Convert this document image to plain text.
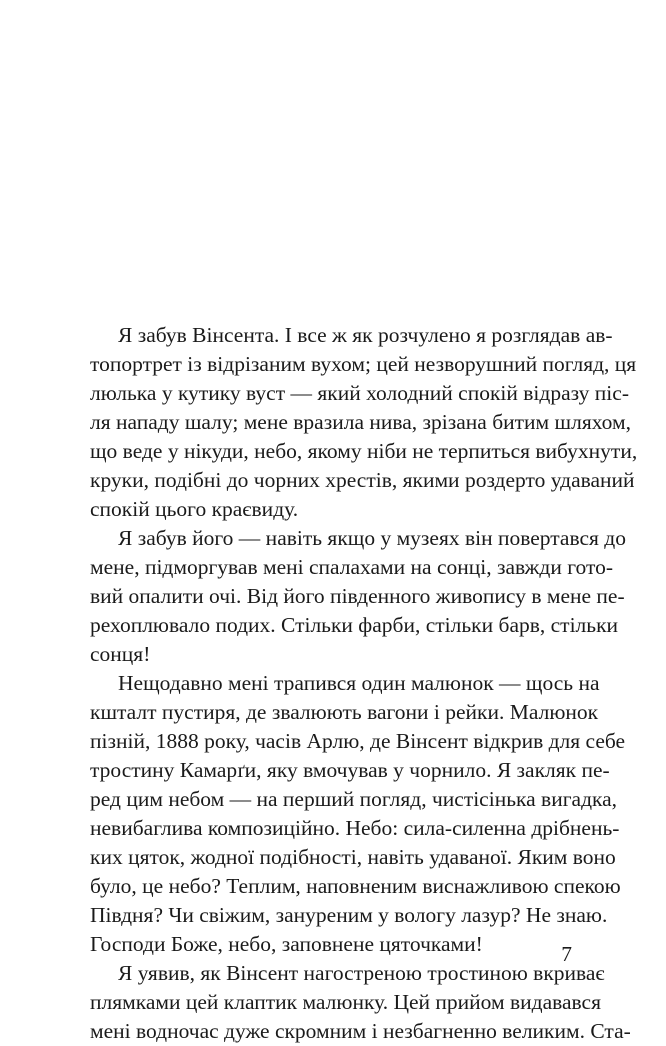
Я забув Вінсента. І все ж як розчулено я розглядав ав-
топортрет із відрізаним вухом; цей незворушний погляд, ця
люлька у кутику вуст — який холодний спокій відразу піс-
ля нападу шалу; мене вразила нива, зрізана битим шляхом,
що веде у нікуди, небо, якому ніби не терпиться вибухнути,
круки, подібні до чорних хрестів, якими роздерто удаваний
спокій цього краєвиду.
Я забув його — навіть якщо у музеях він повертався до
мене, підморгував мені спалахами на сонці, завжди гото-
вий опалити очі. Від його південного живопису в мене пе-
рехоплювало подих. Стільки фарби, стільки барв, стільки
сонця!
Нещодавно мені трапився один малюнок — щось на
кшталт пустиря, де звалюють вагони і рейки. Малюнок
пізній, 1888 року, часів Арлю, де Вінсент відкрив для себе
тростину Камарґи, яку вмочував у чорнило. Я закляк пе-
ред цим небом — на перший погляд, чистісінька вигадка,
невибаглива композиційно. Небо: сила-силенна дрібнень-
ких цяток, жодної подібності, навіть удаваної. Яким воно
було, це небо? Теплим, наповненим виснажливою спекою
Півдня? Чи свіжим, зануреним у вологу лазур? Не знаю.
Господи Боже, небо, заповнене цяточками!
Я уявив, як Вінсент нагостреною тростиною вкриває
плямками цей клаптик малюнку. Цей прийом видавався
мені водночас дуже скромним і незбагненно великим. Ста-
7
